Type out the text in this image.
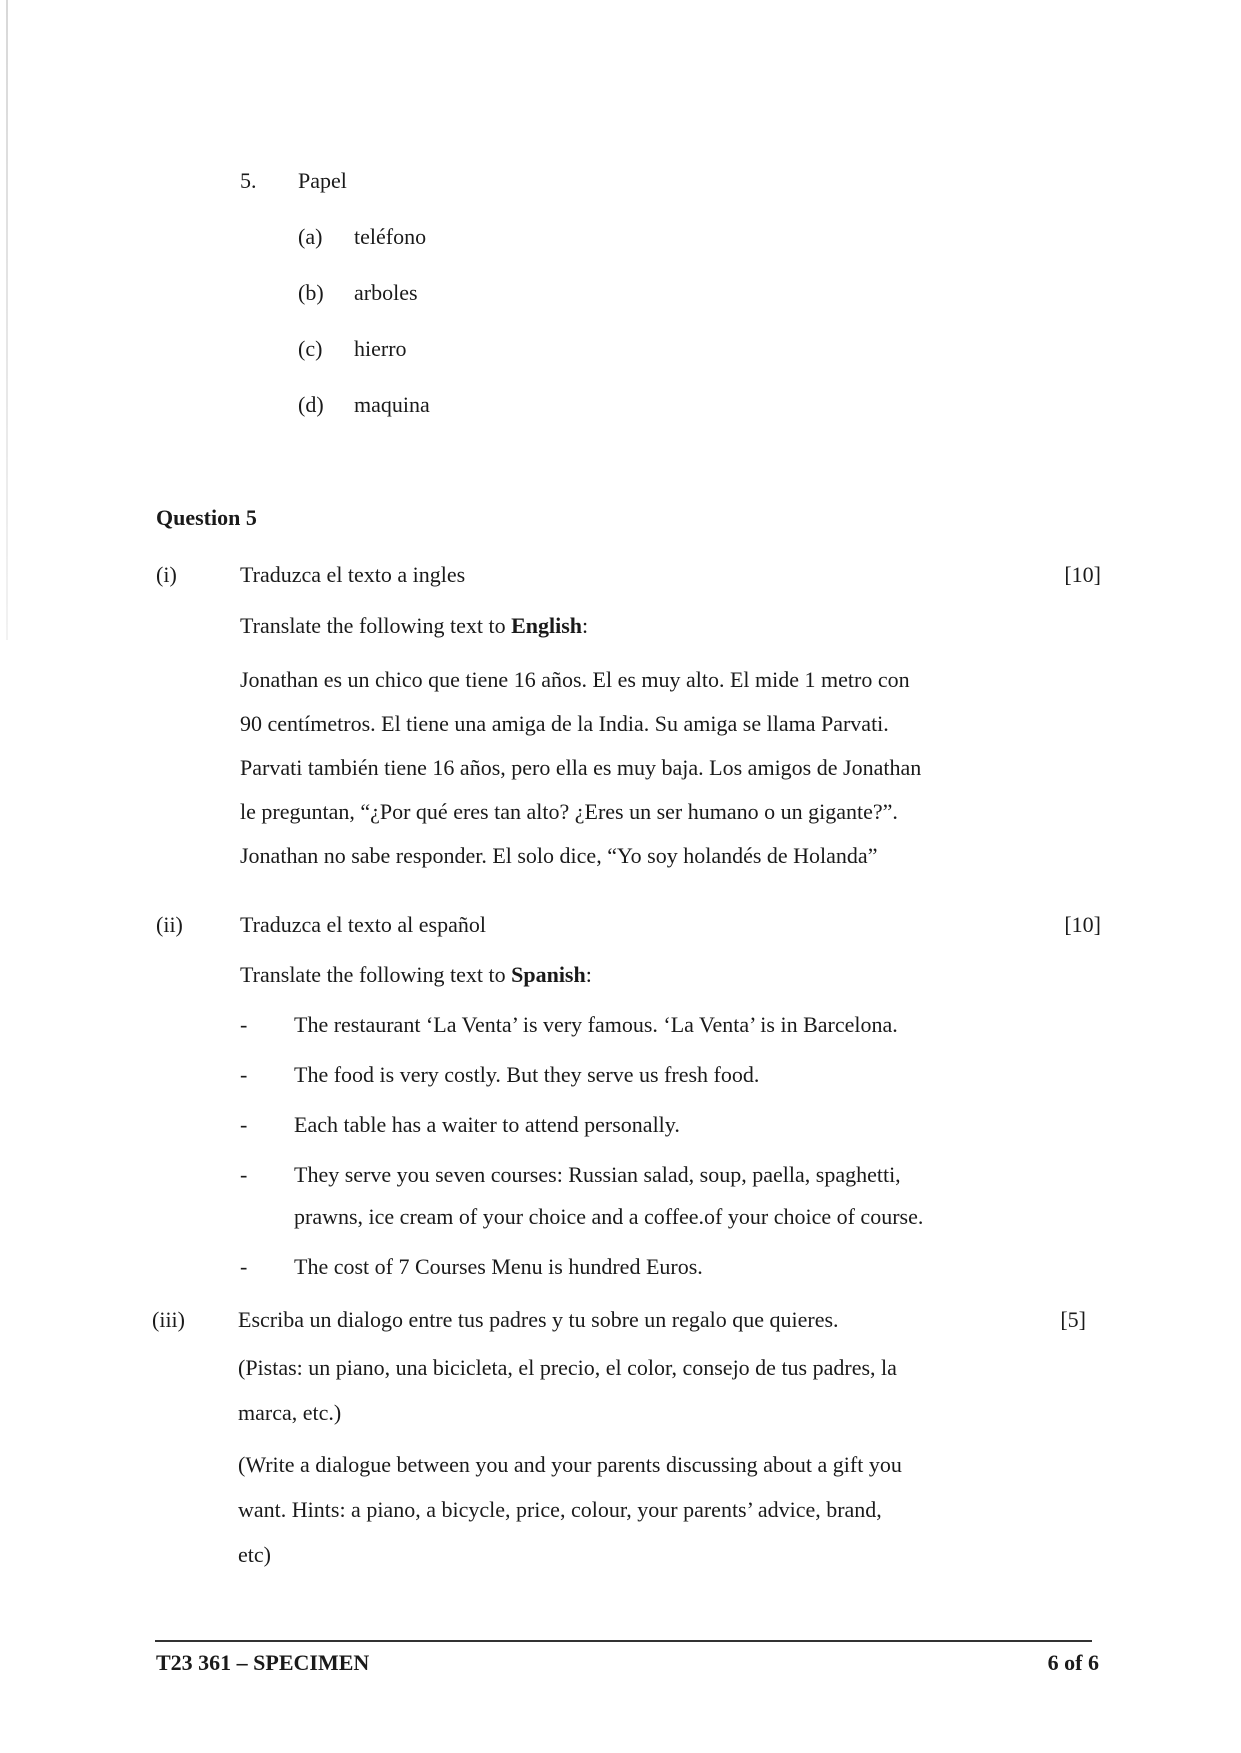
5. Papel
(a) teléfono
(b) arboles
(c) hierro
(d) maquina
Question 5
(i)	Traduzca el texto a ingles	[10]
Translate the following text to English:
Jonathan es un chico que tiene 16 años. El es muy alto. El mide 1 metro con
90 centímetros. El tiene una amiga de la India. Su amiga se llama Parvati.
Parvati también tiene 16 años, pero ella es muy baja. Los amigos de Jonathan
le preguntan, “¿Por qué eres tan alto? ¿Eres un ser humano o un gigante?”.
Jonathan no sabe responder. El solo dice, “Yo soy holandés de Holanda”
(ii)	Traduzca el texto al español	[10]
Translate the following text to Spanish:
- The restaurant ‘La Venta’ is very famous. ‘La Venta’ is in Barcelona.
- The food is very costly. But they serve us fresh food.
- Each table has a waiter to attend personally.
- They serve you seven courses: Russian salad, soup, paella, spaghetti,
prawns, ice cream of your choice and a coffee.of your choice of course.
- The cost of 7 Courses Menu is hundred Euros.
(iii) Escriba un dialogo entre tus padres y tu sobre un regalo que quieres.	[5]
(Pistas: un piano, una bicicleta, el precio, el color, consejo de tus padres, la
marca, etc.)
(Write a dialogue between you and your parents discussing about a gift you
want. Hints: a piano, a bicycle, price, colour, your parents’ advice, brand,
etc)
T23 361 – SPECIMEN	6 of 6
